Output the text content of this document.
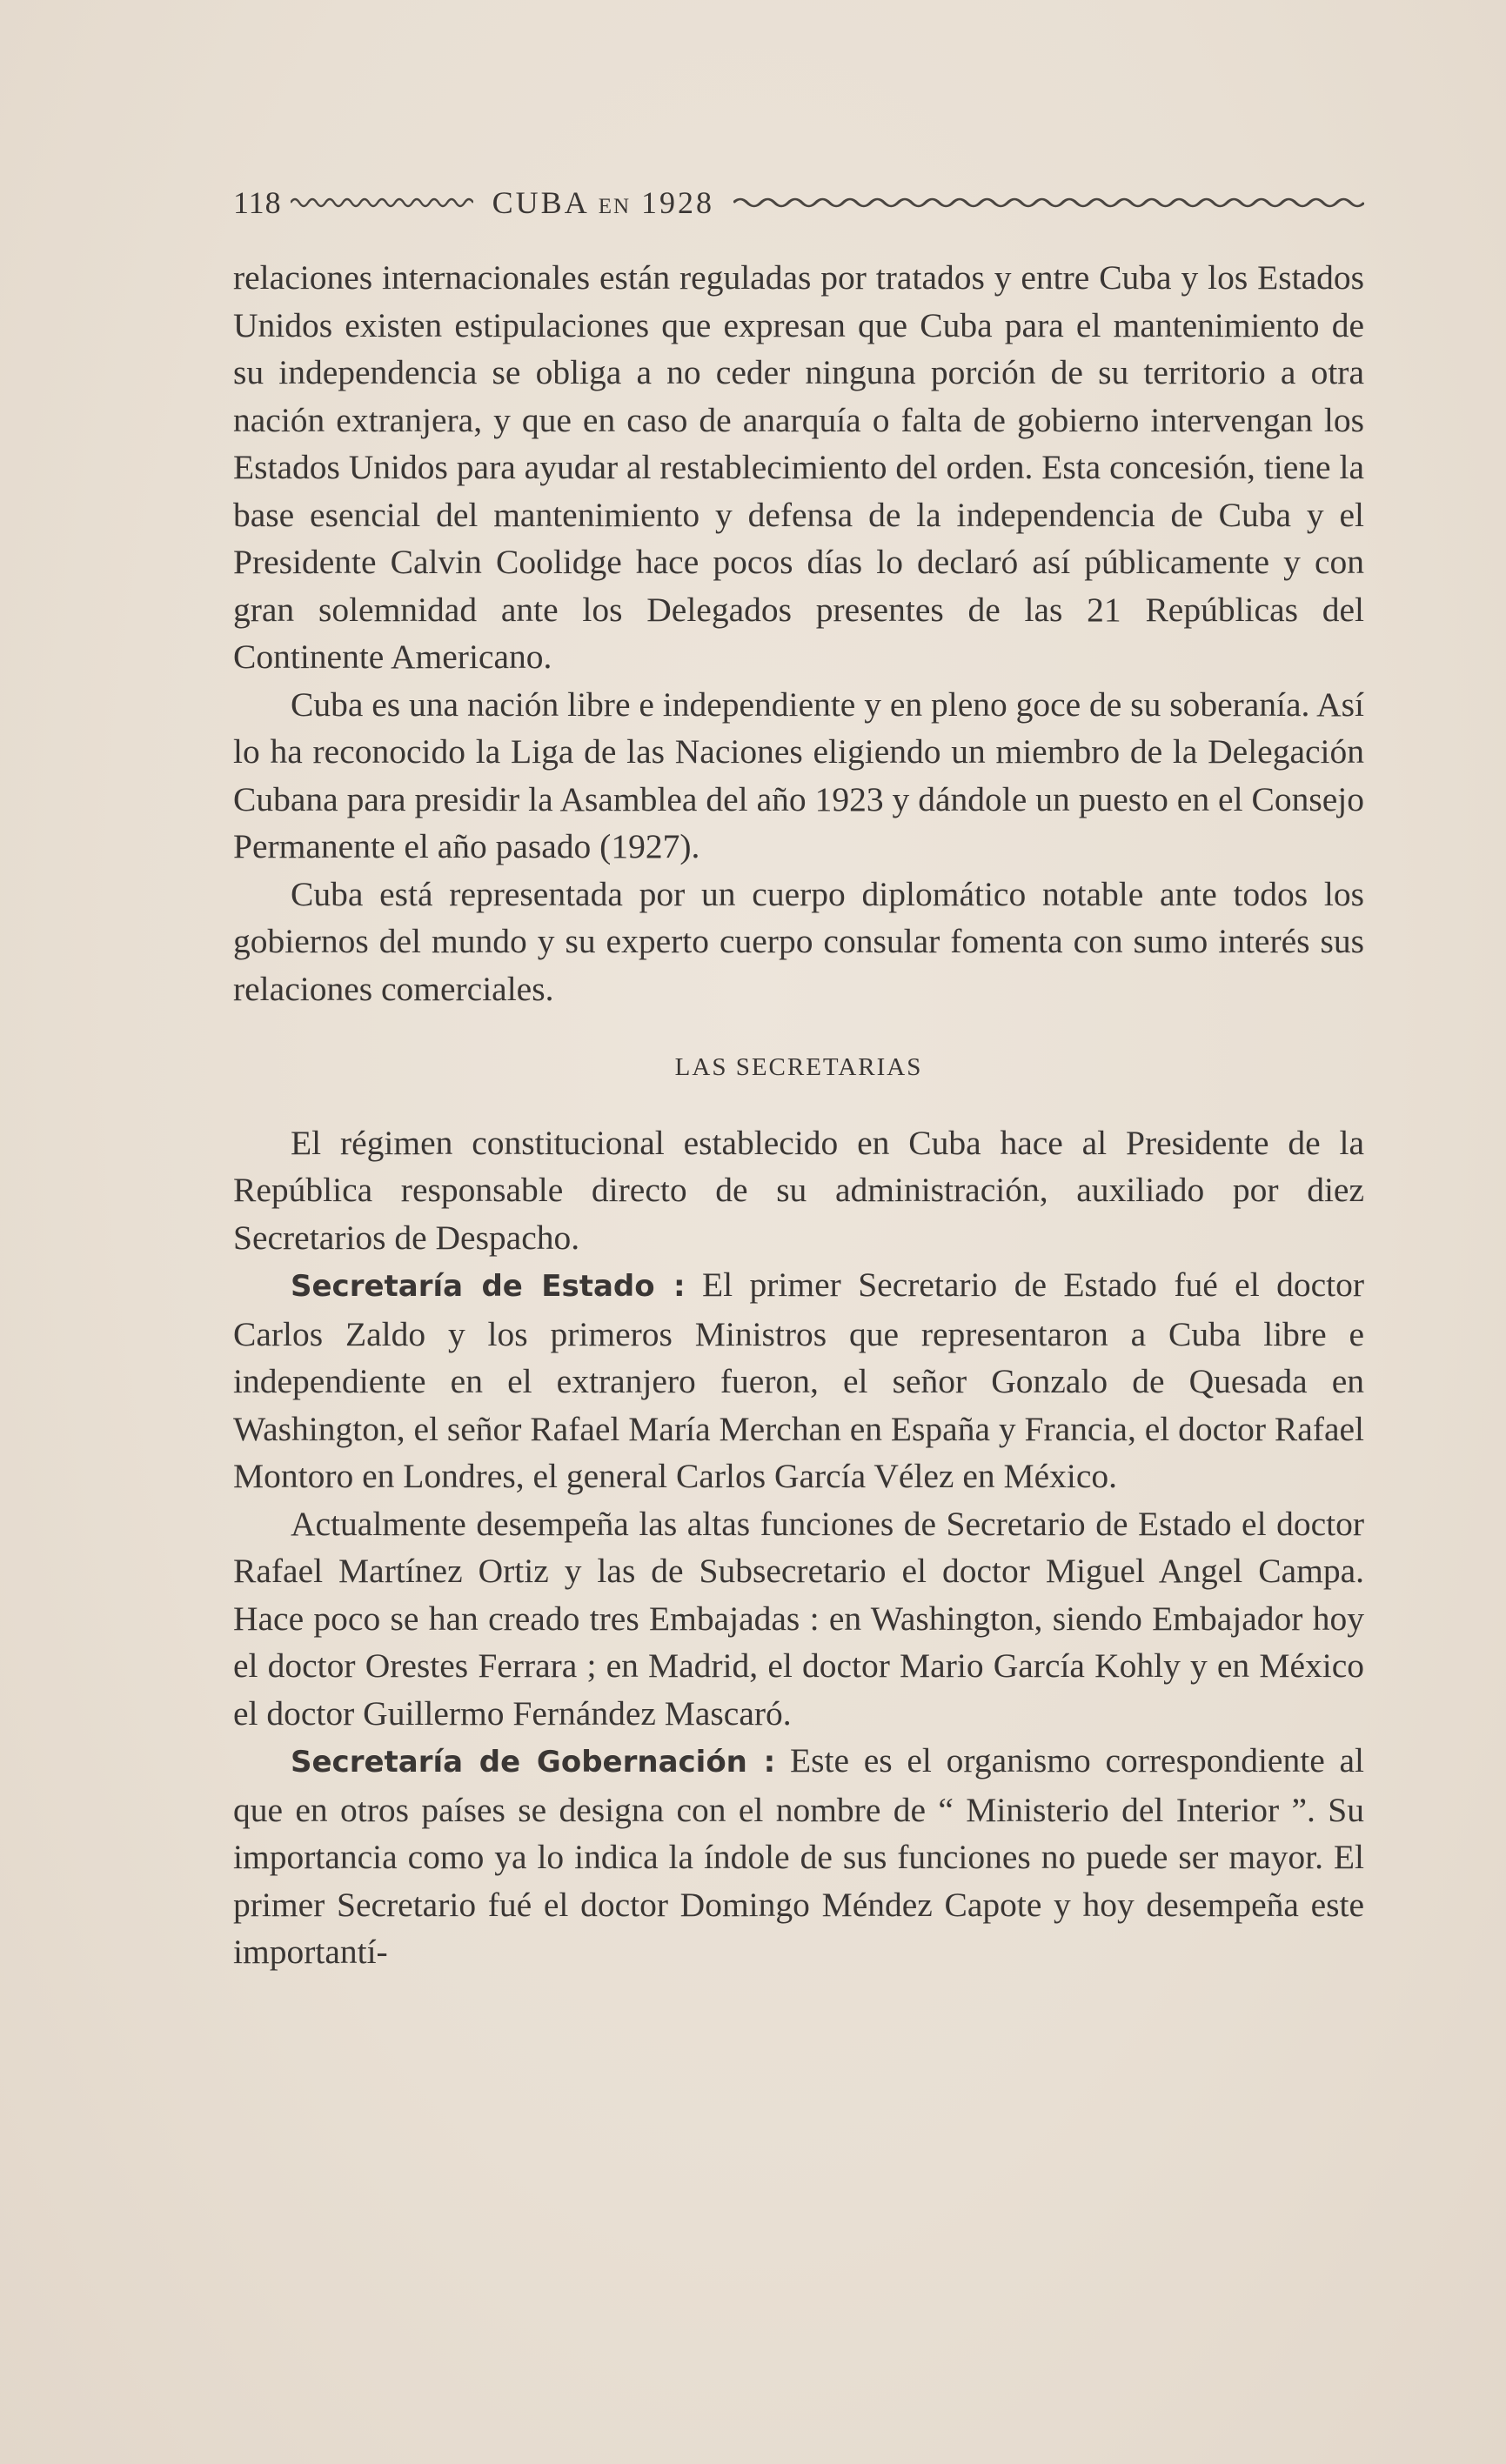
118	CUBA EN 1928

relaciones internacionales están reguladas por tratados y entre Cuba y los Estados Unidos existen estipulaciones que expresan que Cuba para el mantenimiento de su independencia se obliga a no ceder ninguna porción de su territorio a otra nación extranjera, y que en caso de anarquía o falta de gobierno intervengan los Estados Unidos para ayudar al restablecimiento del orden. Esta concesión, tiene la base esencial del mantenimiento y defensa de la independencia de Cuba y el Presidente Calvin Coolidge hace pocos días lo declaró así públicamente y con gran solemnidad ante los Delegados presentes de las 21 Repúblicas del Continente Americano.

Cuba es una nación libre e independiente y en pleno goce de su soberanía. Así lo ha reconocido la Liga de las Naciones eligiendo un miembro de la Delegación Cubana para presidir la Asamblea del año 1923 y dándole un puesto en el Consejo Permanente el año pasado (1927).

Cuba está representada por un cuerpo diplomático notable ante todos los gobiernos del mundo y su experto cuerpo consular fomenta con sumo interés sus relaciones comerciales.

LAS SECRETARIAS

El régimen constitucional establecido en Cuba hace al Presidente de la República responsable directo de su administración, auxiliado por diez Secretarios de Despacho.

Secretaría de Estado : El primer Secretario de Estado fué el doctor Carlos Zaldo y los primeros Ministros que representaron a Cuba libre e independiente en el extranjero fueron, el señor Gonzalo de Quesada en Washington, el señor Rafael María Merchan en España y Francia, el doctor Rafael Montoro en Londres, el general Carlos García Vélez en México.

Actualmente desempeña las altas funciones de Secretario de Estado el doctor Rafael Martínez Ortiz y las de Subsecretario el doctor Miguel Angel Campa. Hace poco se han creado tres Embajadas : en Washington, siendo Embajador hoy el doctor Orestes Ferrara ; en Madrid, el doctor Mario García Kohly y en México el doctor Guillermo Fernández Mascaró.

Secretaría de Gobernación : Este es el organismo correspondiente al que en otros países se designa con el nombre de “ Ministerio del Interior ”. Su importancia como ya lo indica la índole de sus funciones no puede ser mayor. El primer Secretario fué el doctor Domingo Méndez Capote y hoy desempeña este importantí-
